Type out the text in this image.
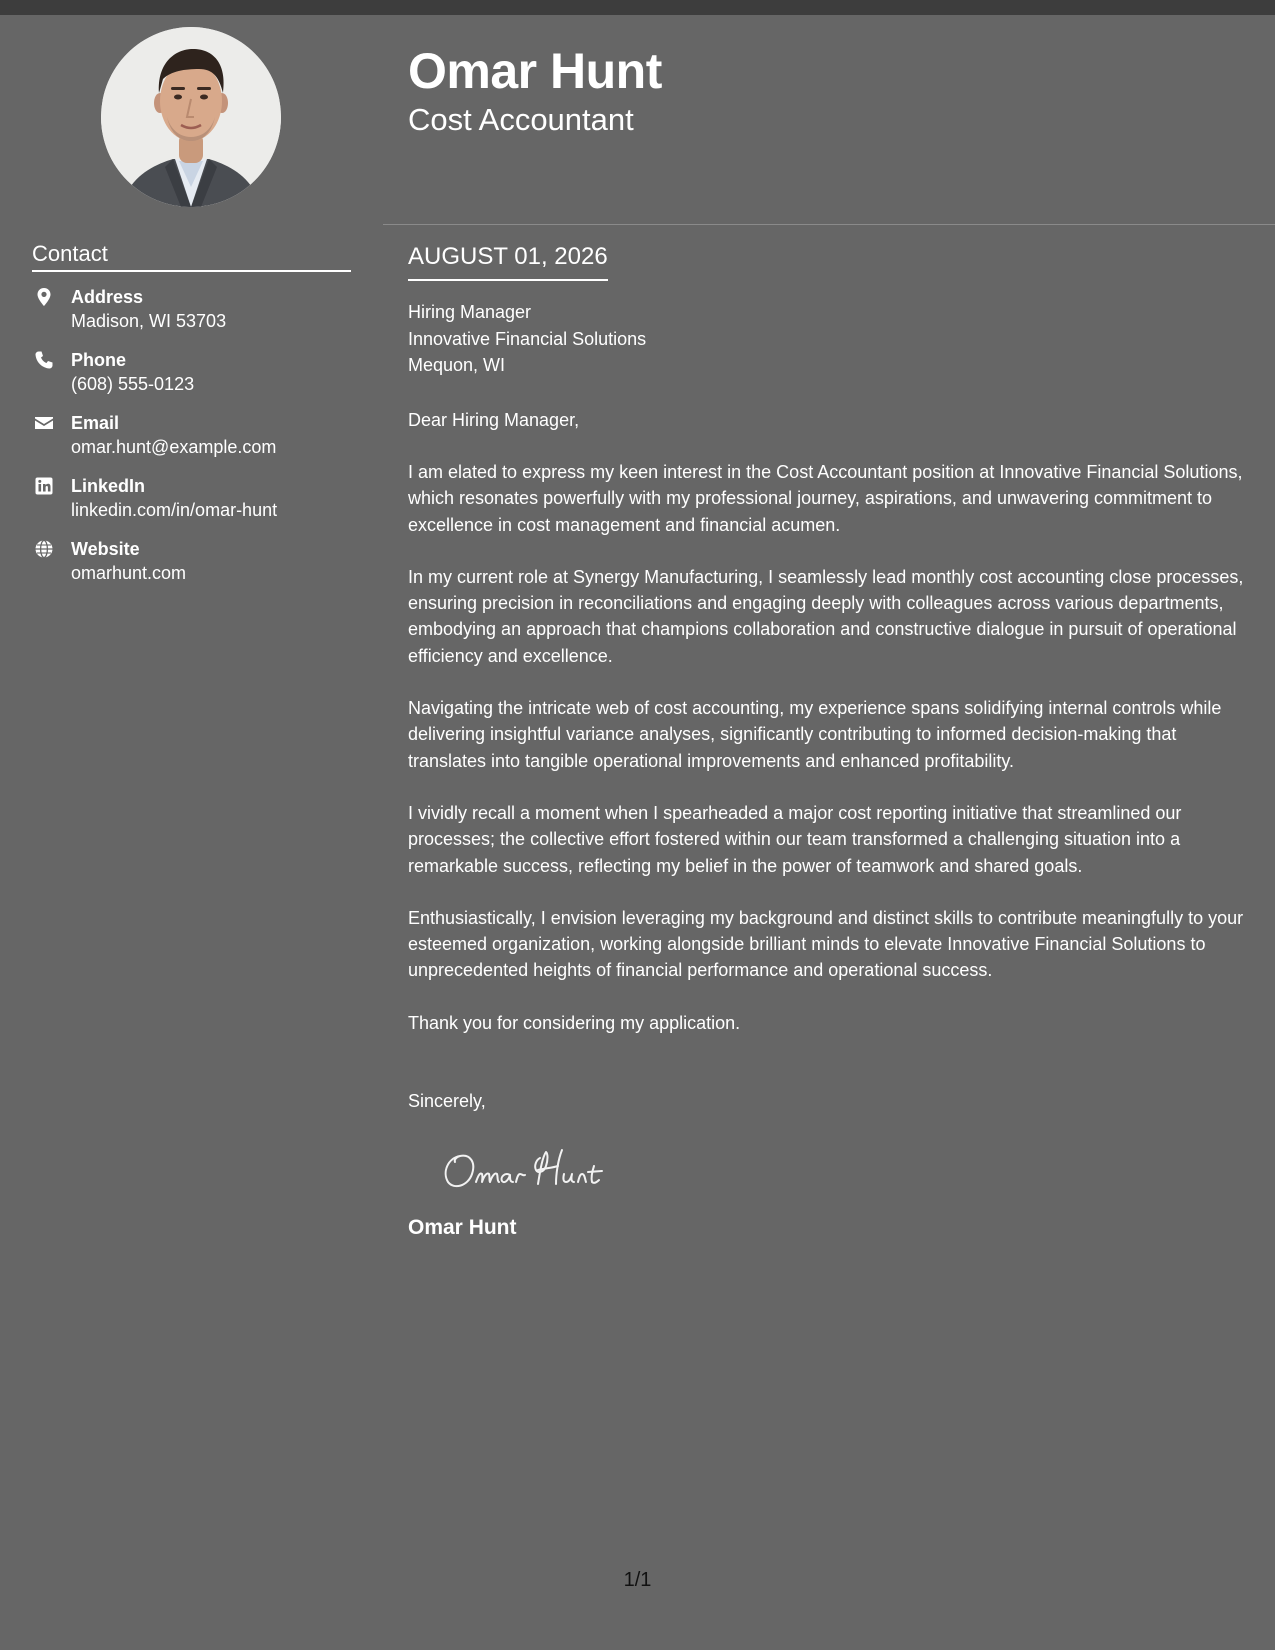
Contact
Address
Madison, WI 53703
Phone
(608) 555-0123
Email
omar.hunt@example.com
LinkedIn
linkedin.com/in/omar-hunt
Website
omarhunt.com
Omar Hunt
Cost Accountant
AUGUST 01, 2026
Hiring Manager
Innovative Financial Solutions
Mequon, WI

Dear Hiring Manager,

I am elated to express my keen interest in the Cost Accountant position at Innovative Financial Solutions, which resonates powerfully with my professional journey, aspirations, and unwavering commitment to excellence in cost management and financial acumen.

In my current role at Synergy Manufacturing, I seamlessly lead monthly cost accounting close processes, ensuring precision in reconciliations and engaging deeply with colleagues across various departments, embodying an approach that champions collaboration and constructive dialogue in pursuit of operational efficiency and excellence.

Navigating the intricate web of cost accounting, my experience spans solidifying internal controls while delivering insightful variance analyses, significantly contributing to informed decision-making that translates into tangible operational improvements and enhanced profitability.

I vividly recall a moment when I spearheaded a major cost reporting initiative that streamlined our processes; the collective effort fostered within our team transformed a challenging situation into a remarkable success, reflecting my belief in the power of teamwork and shared goals.

Enthusiastically, I envision leveraging my background and distinct skills to contribute meaningfully to your esteemed organization, working alongside brilliant minds to elevate Innovative Financial Solutions to unprecedented heights of financial performance and operational success.

Thank you for considering my application.

Sincerely,

Omar Hunt
1/1
